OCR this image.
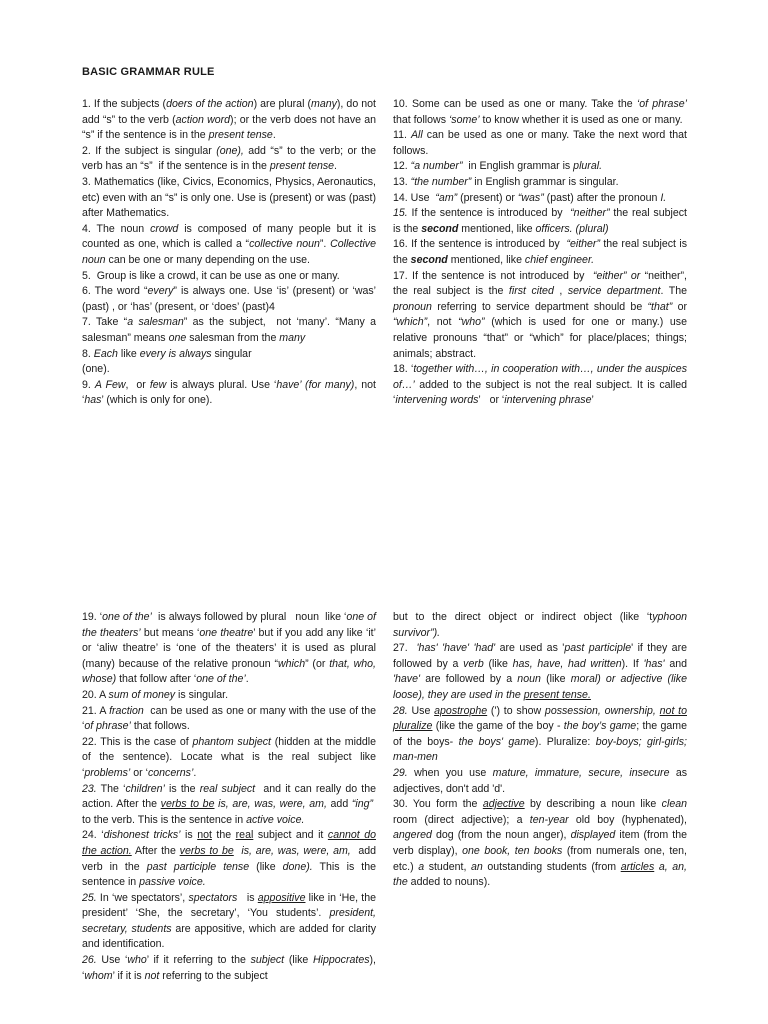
BASIC GRAMMAR RULE

1. If the subjects (doers of the action) are plural (many), do not add “s” to the verb (action word); or the verb does not have an “s” if the sentence is in the present tense.

2. If the subject is singular (one), add “s” to the verb; or the verb has an “s”  if the sentence is in the present tense.

3. Mathematics (like, Civics, Economics, Physics, Aeronautics, etc) even with an “s” is only one. Use is (present) or was (past) after Mathematics.

4. The noun crowd is composed of many people but it is counted as one, which is called a “collective noun”. Collective noun can be one or many depending on the use.

5.  Group is like a crowd, it can be use as one or many.

6. The word “every” is always one. Use ‘is’ (present) or ‘was’ (past) , or ‘has’ (present, or ‘does’ (past)4

7. Take “a salesman” as the subject,  not ‘many’. “Many a salesman” means one salesman from the many

8. Each like every is always singular
(one).

9. A Few,  or few is always plural. Use ‘have’ (for many), not ‘has’ (which is only for one).

10. Some can be used as one or many. Take the ‘of phrase’ that follows ‘some’ to know whether it is used as one or many.

11. All can be used as one or many. Take the next word that follows.

12. “a number”  in English grammar is plural.

13. “the number” in English grammar is singular.

14. Use  “am” (present) or “was” (past) after the pronoun I.

15. If the sentence is introduced by  “neither” the real subject is the second mentioned, like officers. (plural)

16. If the sentence is introduced by  “either” the real subject is the second mentioned, like chief engineer.

17. If the sentence is not introduced by  “either” or “neither”, the real subject is the first cited , service department. The pronoun referring to service department should be “that” or “which”, not “who” (which is used for one or many.) use relative pronouns “that” or “which” for place/places; things; animals; abstract.

18. ‘together with…, in cooperation with…, under the auspices of…’ added to the subject is not the real subject. It is called ‘intervening words’   or ‘intervening phrase’

19. ‘one of the’  is always followed by plural   noun  like ‘one of the theaters’ but means ‘one theatre’ but if you add any like ‘it’ or ‘aliw theatre’ is ‘one of the theaters’ it is used as plural (many) because of the relative pronoun “which” (or that, who, whose) that follow after ‘one of the’.

20. A sum of money is singular.

21. A fraction  can be used as one or many with the use of the ‘of phrase’ that follows.

22. This is the case of phantom subject (hidden at the middle of the sentence). Locate what is the real subject like ‘problems’ or ‘concerns’.

23. The ‘children’ is the real subject  and it can really do the action. After the verbs to be is, are, was, were, am, add “ing”  to the verb. This is the sentence in active voice.

24. ‘dishonest tricks’ is not the real subject and it cannot do the action. After the verbs to be is, are, was, were, am,  add verb in the past participle tense (like done). This is the sentence in passive voice.

25. In ‘we spectators’, spectators   is appositive like in ‘He, the president’ ‘She, the secretary’, ‘You students’. president, secretary, students are appositive, which are added for clarity and identification.

26. Use ‘who’ if it referring to the subject (like Hippocrates), ‘whom’ if it is not referring to the subject

but to the direct object or indirect object (like ‘typhoon survivor”).

27.  'has' 'have' 'had' are used as 'past participle' if they are followed by a verb (like has, have, had written). If 'has' and 'have' are followed by a noun (like moral) or adjective (like loose), they are used in the present tense.

28. Use apostrophe (') to show possession, ownership, not to pluralize (like the game of the boy - the boy’s game; the game of the boys- the boys' game). Pluralize: boy-boys; girl-girls; man-men

29. when you use mature, immature, secure, insecure as adjectives, don't add 'd'.

30. You form the adjective by describing a noun like clean room (direct adjective); a ten-year old boy (hyphenated), angered dog (from the noun anger), displayed item (from the verb display), one book, ten books (from numerals one, ten, etc.) a student, an outstanding students (from articles a, an, the added to nouns).
